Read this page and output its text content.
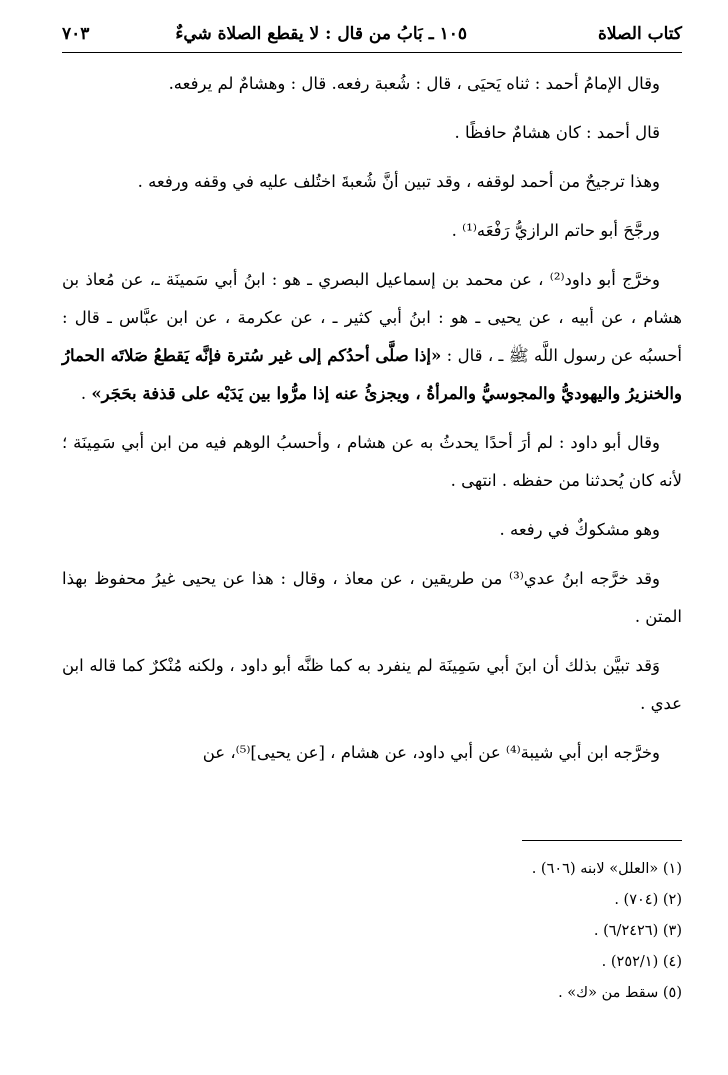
كتاب الصلاة
١٠٥ ـ بَابُ من قال : لا يقطع الصلاة شيءٌ
٧٠٣

وقال الإمامُ أحمد : ثناه يَحيَى ، قال : شُعبة رفعه. قال : وهشامٌ لم يرفعه.

قال أحمد : كان هشامٌ حافظًا .

وهذا ترجيحٌ من أحمد لوقفه ، وقد تبين أنَّ شُعبةَ اختُلف عليه في وقفه ورفعه .

ورجَّحَ أبو حاتم الرازيُّ رَفْعَه⁽¹⁾ .

وخرَّج أبو داود⁽²⁾ ، عن محمد بن إسماعيل البصري ـ هو : ابنُ أبي سَمينَة ـ، عن مُعاذ بن هشام ، عن أبيه ، عن يحيى ـ هو : ابنُ أبي كثير ـ ، عن عكرمة ، عن ابن عبَّاس ـ قال : أحسبُه عن رسول اللَّه ﷺ ـ ، قال : «إذا صلَّى أحدُكم إلى غير سُترة فإنَّه يَقطعُ صَلاتَه الحمارُ والخنزيرُ واليهوديُّ والمجوسيُّ والمرأةُ ، ويجزئُ عنه إذا مرُّوا بين يَدَيْه على قذفة بحَجَر» .

وقال أبو داود : لم أرَ أحدًا يحدثُ به عن هشام ، وأحسبُ الوهم فيه من ابن أبي سَمِينَة ؛ لأنه كان يُحدثنا من حفظه . انتهى .

وهو مشكوكٌ في رفعه .

وقد خرَّجه ابنُ عدي⁽³⁾ من طريقين ، عن معاذ ، وقال : هذا عن يحيى غيرُ محفوظ بهذا المتن .

وَقد تبيَّن بذلك أن ابنَ أبي سَمِينَة لم ينفرد به كما ظنَّه أبو داود ، ولكنه مُنْكرٌ كما قاله ابن عدي .

وخرَّجه ابن أبي شيبة⁽⁴⁾ عن أبي داود، عن هشام ، [عن يحيى]⁽⁵⁾، عن

(١) «العلل» لابنه (٦٠٦) .
(٢) (٧٠٤) .
(٣) (٦/٢٤٢٦) .
(٤) (٢٥٢/١) .
(٥) سقط من «ك» .
